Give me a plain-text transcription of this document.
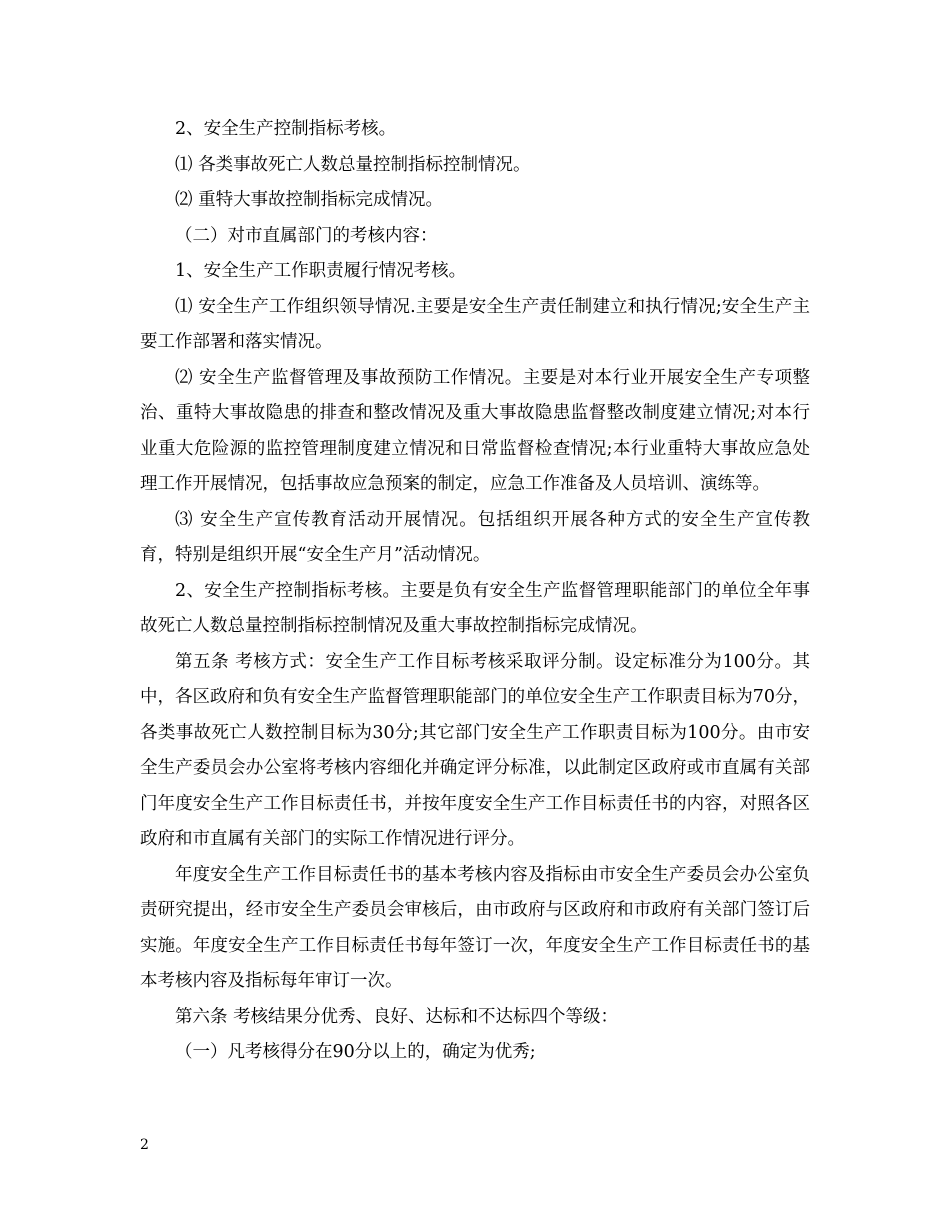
2、安全生产控制指标考核。

⑴ 各类事故死亡人数总量控制指标控制情况。

⑵ 重特大事故控制指标完成情况。

（二）对市直属部门的考核内容：

1、安全生产工作职责履行情况考核。

⑴ 安全生产工作组织领导情况.主要是安全生产责任制建立和执行情况;安全生产主要工作部署和落实情况。

⑵ 安全生产监督管理及事故预防工作情况。主要是对本行业开展安全生产专项整治、重特大事故隐患的排查和整改情况及重大事故隐患监督整改制度建立情况;对本行业重大危险源的监控管理制度建立情况和日常监督检查情况;本行业重特大事故应急处理工作开展情况，包括事故应急预案的制定，应急工作准备及人员培训、演练等。

⑶ 安全生产宣传教育活动开展情况。包括组织开展各种方式的安全生产宣传教育，特别是组织开展“安全生产月”活动情况。

2、安全生产控制指标考核。主要是负有安全生产监督管理职能部门的单位全年事故死亡人数总量控制指标控制情况及重大事故控制指标完成情况。

第五条 考核方式：安全生产工作目标考核采取评分制。设定标准分为100分。其中，各区政府和负有安全生产监督管理职能部门的单位安全生产工作职责目标为70分，各类事故死亡人数控制目标为30分;其它部门安全生产工作职责目标为100分。由市安全生产委员会办公室将考核内容细化并确定评分标准，以此制定区政府或市直属有关部门年度安全生产工作目标责任书，并按年度安全生产工作目标责任书的内容，对照各区政府和市直属有关部门的实际工作情况进行评分。

年度安全生产工作目标责任书的基本考核内容及指标由市安全生产委员会办公室负责研究提出，经市安全生产委员会审核后，由市政府与区政府和市政府有关部门签订后实施。年度安全生产工作目标责任书每年签订一次，年度安全生产工作目标责任书的基本考核内容及指标每年审订一次。

第六条 考核结果分优秀、良好、达标和不达标四个等级：

（一）凡考核得分在90分以上的，确定为优秀;

2
